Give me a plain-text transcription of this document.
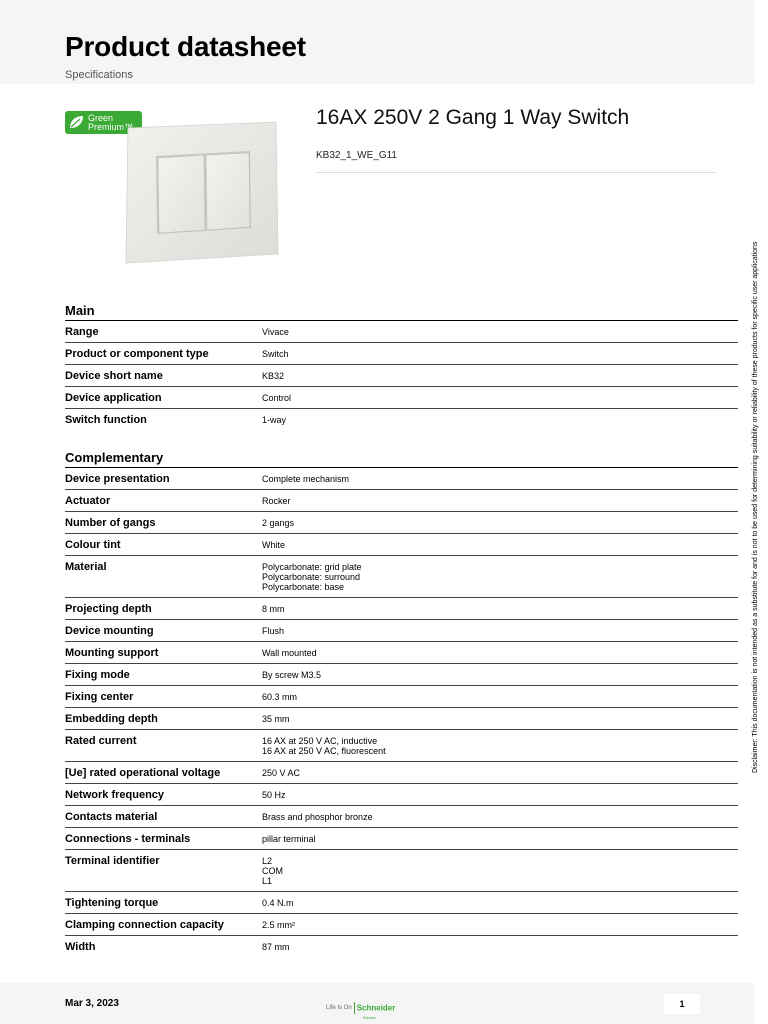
Product datasheet
Specifications
Green
Premium™	16AX 250V 2 Gang 1 Way Switch
KB32_1_WE_G11
Main
Range	Vivace
Product or component type	Switch
Device short name	KB32
Device application	Control
Switch function	1-way
Complementary
Device presentation	Complete mechanism
Actuator	Rocker
Number of gangs	2 gangs
Colour tint	White
Material	Polycarbonate: grid plate
Polycarbonate: surround
Polycarbonate: base
Projecting depth	8 mm
Device mounting	Flush
Mounting support	Wall mounted
Fixing mode	By screw M3.5
Fixing center	60.3 mm
Embedding depth	35 mm
Rated current	16 AX at 250 V AC, inductive
16 AX at 250 V AC, fluorescent
[Ue] rated operational voltage	250 V AC
Network frequency	50 Hz
Contacts material	Brass and phosphor bronze
Connections - terminals	pillar terminal
Terminal identifier	L2
COM
L1
Tightening torque	0.4 N.m
Clamping connection capacity	2.5 mm²
Width	87 mm
Disclaimer: This documentation is not intended as a substitute for and is not to be used for determining suitability or reliability of these products for specific user applications
Mar 3, 2023	Life Is On Schneider
Electric
1
